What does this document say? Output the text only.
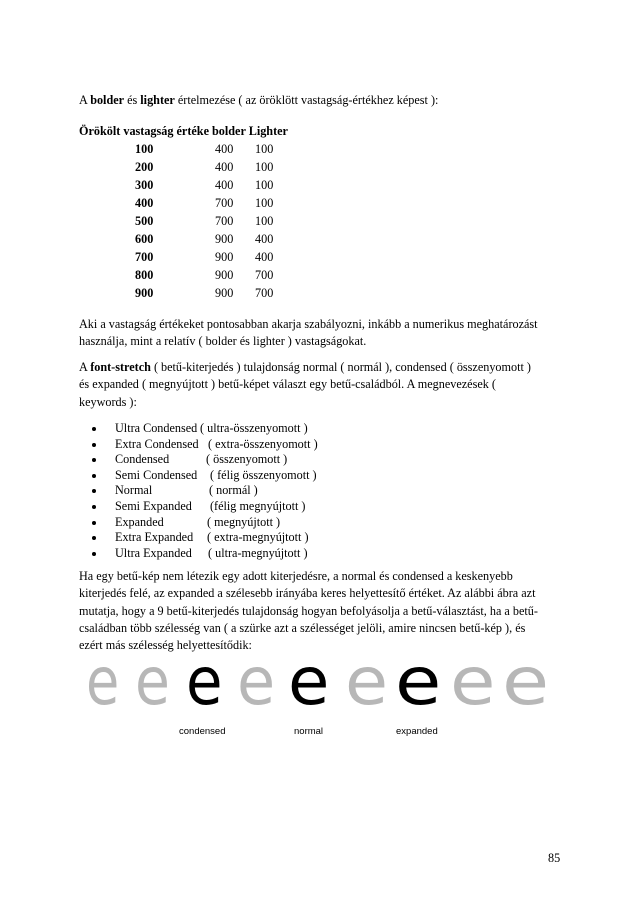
A bolder és lighter értelmezése ( az öröklött vastagság-értékhez képest ):
Örökölt vastagság értéke bolder Lighter
100	400 100
200	400 100
300	400 100
400	700 100
500	700 100
600	900 400
700	900 400
800	900 700
900	900 700

Aki a vastagság értékeket pontosabban akarja szabályozni, inkább a numerikus meghatározást

használja, mint a relatív ( bolder és lighter ) vastagságokat.

A font-stretch ( betű-kiterjedés ) tulajdonság normal ( normál ), condensed ( összenyomott )

és expanded ( megnyújtott ) betű-képet választ egy betű-családból. A megnevezések (

keywords ):

Ultra Condensed ( ultra-összenyomott )
Extra Condensed ( extra-összenyomott )
Condensed	( összenyomott )
Semi Condensed ( félig összenyomott )
Normal	( normál )
Semi Expanded (félig megnyújtott )
Expanded	( megnyújtott )
Extra Expanded ( extra-megnyújtott )
Ultra Expanded ( ultra-megnyújtott )

Ha egy betű-kép nem létezik egy adott kiterjedésre, a normal és condensed a keskenyebb

kiterjedés felé, az expanded a szélesebb irányába keres helyettesítő értéket. Az alábbi ábra azt

mutatja, hogy a 9 betű-kiterjedés tulajdonság hogyan befolyásolja a betű-választást, ha a betű-

családban több szélesség van ( a szürke azt a szélességet jelöli, amire nincsen betű-kép ), és

ezért más szélesség helyettesítődik:

e e e e e e e e e
condensed	normal	expanded
85
